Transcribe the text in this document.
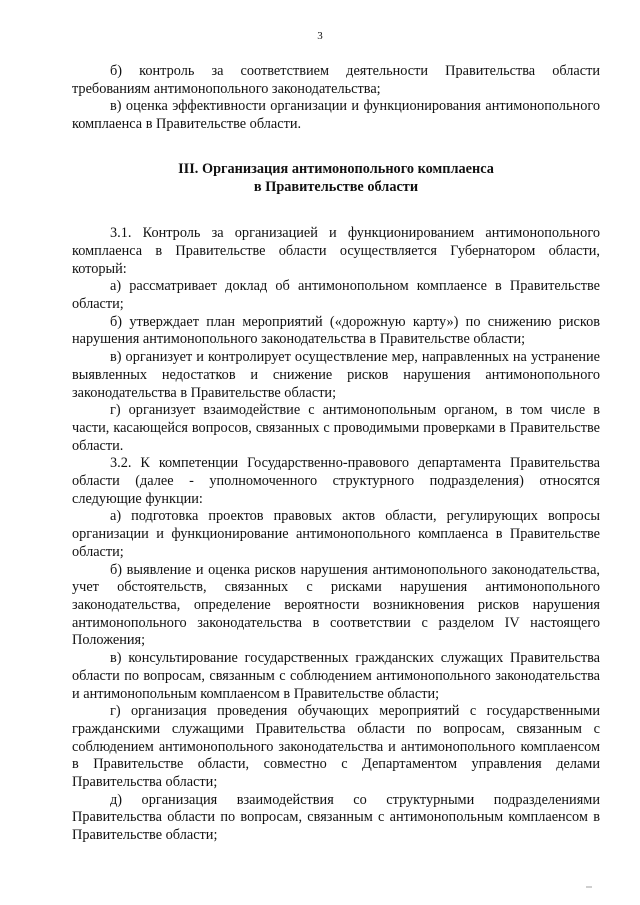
3

б) контроль за соответствием деятельности Правительства области требованиям антимонопольного законодательства;

в) оценка эффективности организации и функционирования антимонопольного комплаенса в Правительстве области.

III. Организация антимонопольного комплаенса
в Правительстве области

3.1. Контроль за организацией и функционированием антимонопольного комплаенса в Правительстве области осуществляется Губернатором области, который:

а) рассматривает доклад об антимонопольном комплаенсе в Правительстве области;

б) утверждает план мероприятий («дорожную карту») по снижению рисков нарушения антимонопольного законодательства в Правительстве области;

в) организует и контролирует осуществление мер, направленных на устранение выявленных недостатков и снижение рисков нарушения антимонопольного законодательства в Правительстве области;

г) организует взаимодействие с антимонопольным органом, в том числе в части, касающейся вопросов, связанных с проводимыми проверками в Правительстве области.

3.2. К компетенции Государственно-правового департамента Правительства области (далее - уполномоченного структурного подразделения) относятся следующие функции:

а) подготовка проектов правовых актов области, регулирующих вопросы организации и функционирование антимонопольного комплаенса в Правительстве области;

б) выявление и оценка рисков нарушения антимонопольного законодательства, учет обстоятельств, связанных с рисками нарушения антимонопольного законодательства, определение вероятности возникновения рисков нарушения антимонопольного законодательства в соответствии с разделом IV настоящего Положения;

в) консультирование государственных гражданских служащих Правительства области по вопросам, связанным с соблюдением антимонопольного законодательства и антимонопольным комплаенсом в Правительстве области;

г) организация проведения обучающих мероприятий с государственными гражданскими служащими Правительства области по вопросам, связанным с соблюдением антимонопольного законодательства и антимонопольного комплаенсом в Правительстве области, совместно с Департаментом управления делами Правительства области;

д) организация взаимодействия со структурными подразделениями Правительства области по вопросам, связанным с антимонопольным комплаенсом в Правительстве области;
